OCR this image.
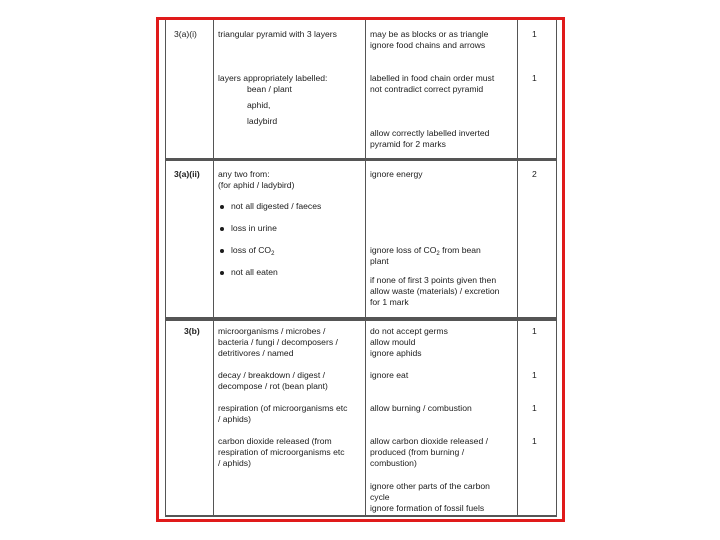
3(a)(i) triangular pyramid with 3 layers
layers appropriately labelled:
bean / plant
aphid,
ladybird
may be as blocks or as triangle
ignore food chains and arrows
labelled in food chain order must
not contradict correct pyramid
allow correctly labelled inverted
pyramid for 2 marks
1
1
3(a)(ii) any two from:
(for aphid / ladybird)
not all digested / faeces
loss in urine
loss of $CO_2$
not all eaten
ignore energy
ignore loss of $CO_2$ from bean
plant
if none of first 3 points given then
allow waste (materials) / excretion
for 1 mark
2
3(b) microorganisms / microbes /
bacteria / fungi / decomposers /
detritivores / named
decay / breakdown / digest /
decompose / rot (bean plant)
respiration (of microorganisms etc
/ aphids)
carbon dioxide released (from
respiration of microorganisms etc
/ aphids)
do not accept germs
allow mould
ignore aphids
ignore eat
allow burning / combustion
allow carbon dioxide released /
produced (from burning /
combustion)
ignore other parts of the carbon
cycle
ignore formation of fossil fuels
1
1
1
1
